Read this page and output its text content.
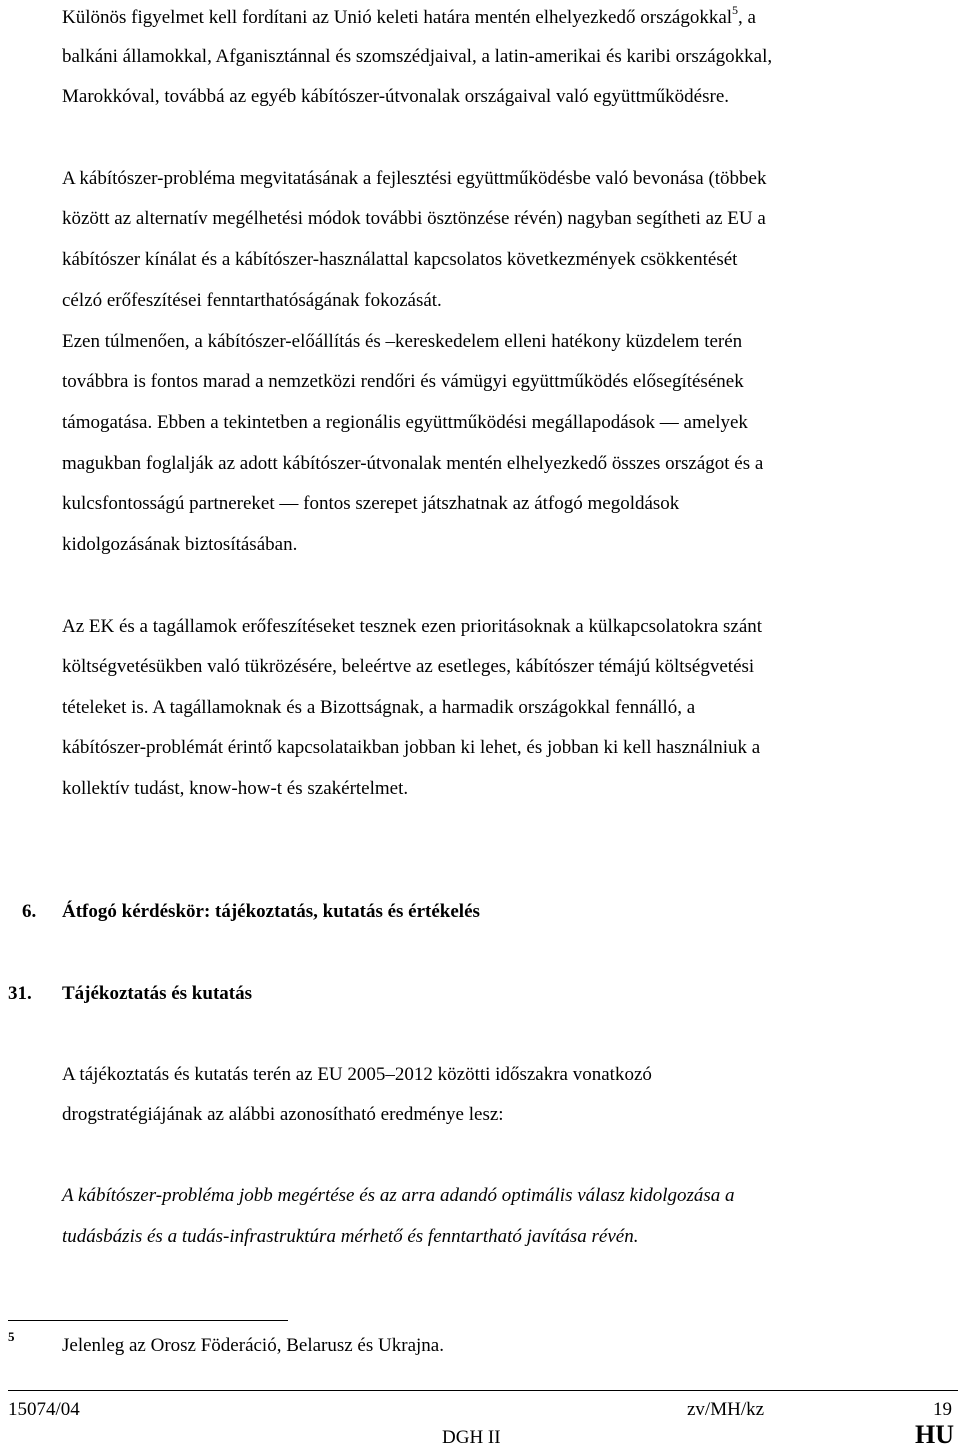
Különös figyelmet kell fordítani az Unió keleti határa mentén elhelyezkedő országokkal$^5$, a
balkáni államokkal, Afganisztánnal és szomszédjaival, a latin-amerikai és karibi országokkal,
Marokkóval, továbbá az egyéb kábítószer-útvonalak országaival való együttműködésre.
A kábítószer-probléma megvitatásának a fejlesztési együttműködésbe való bevonása (többek
között az alternatív megélhetési módok további ösztönzése révén) nagyban segítheti az EU a
kábítószer kínálat és a kábítószer-használattal kapcsolatos következmények csökkentését
célzó erőfeszítései fenntarthatóságának fokozását.
Ezen túlmenően, a kábítószer-előállítás és –kereskedelem elleni hatékony küzdelem terén
továbbra is fontos marad a nemzetközi rendőri és vámügyi együttműködés elősegítésének
támogatása. Ebben a tekintetben a regionális együttműködési megállapodások ― amelyek
magukban foglalják az adott kábítószer-útvonalak mentén elhelyezkedő összes országot és a
kulcsfontosságú partnereket ― fontos szerepet játszhatnak az átfogó megoldások
kidolgozásának biztosításában.
Az EK és a tagállamok erőfeszítéseket tesznek ezen prioritásoknak a külkapcsolatokra szánt
költségvetésükben való tükrözésére, beleértve az esetleges, kábítószer témájú költségvetési
tételeket is. A tagállamoknak és a Bizottságnak, a harmadik országokkal fennálló, a
kábítószer-problémát érintő kapcsolataikban jobban ki lehet, és jobban ki kell használniuk a
kollektív tudást, know-how-t és szakértelmet.
6. Átfogó kérdéskör: tájékoztatás, kutatás és értékelés
31. Tájékoztatás és kutatás
A tájékoztatás és kutatás terén az EU 2005–2012 közötti időszakra vonatkozó
drogstratégiájának az alábbi azonosítható eredménye lesz:
A kábítószer-probléma jobb megértése és az arra adandó optimális válasz kidolgozása a
tudásbázis és a tudás-infrastruktúra mérhető és fenntartható javítása révén.
5	Jelenleg az Orosz Föderáció, Belarusz és Ukrajna.
15074/04	zv/MH/kz	19
DGH II	HU
